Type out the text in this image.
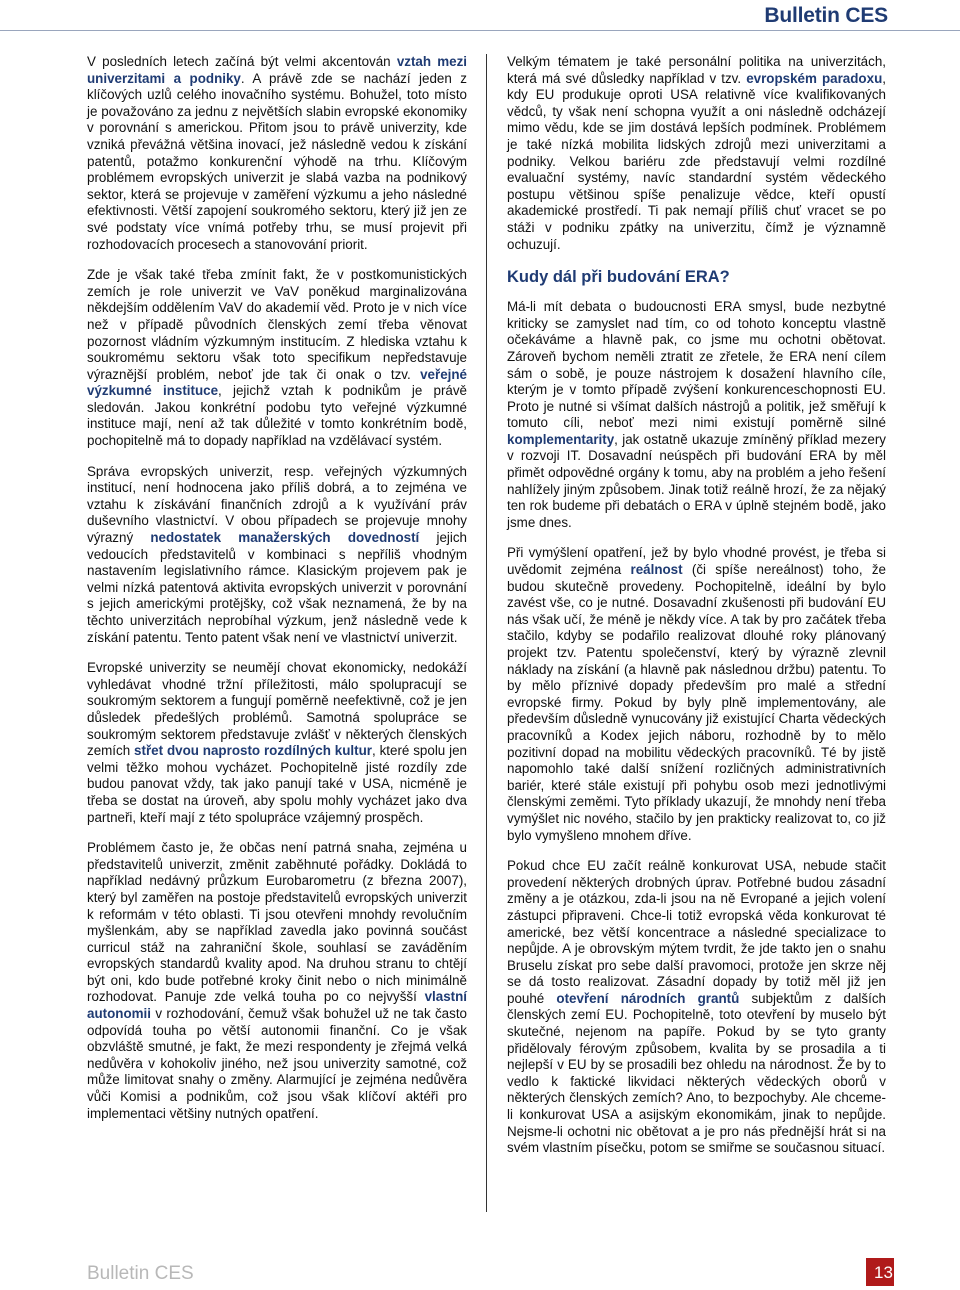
Bulletin CES

V posledních letech začíná být velmi akcentován vztah mezi univerzitami a podniky. A právě zde se nachází jeden z klíčových uzlů celého inovačního systému. Bohužel, toto místo je považováno za jednu z největších slabin evropské ekonomiky v porovnání s americkou. Přitom jsou to právě univerzity, kde vzniká převážná většina inovací, jež následně vedou k získání patentů, potažmo konkurenční výhodě na trhu. Klíčovým problémem evropských univerzit je slabá vazba na podnikový sektor, která se projevuje v zaměření výzkumu a jeho následné efektivnosti. Větší zapojení soukromého sektoru, který již jen ze své podstaty více vnímá potřeby trhu, se musí projevit při rozhodovacích procesech a stanovování priorit.

Zde je však také třeba zmínit fakt, že v postkomunistických zemích je role univerzit ve VaV poněkud marginalizována někdejším oddělením VaV do akademií věd. Proto je v nich více než v případě původních členských zemí třeba věnovat pozornost vládním výzkumným institucím. Z hlediska vztahu k soukromému sektoru však toto specifikum nepředstavuje výraznější problém, neboť jde tak či onak o tzv. veřejné výzkumné instituce, jejichž vztah k podnikům je právě sledován. Jakou konkrétní podobu tyto veřejné výzkumné instituce mají, není až tak důležité v tomto konkrétním bodě, pochopitelně má to dopady například na vzdělávací systém.

Správa evropských univerzit, resp. veřejných výzkumných institucí, není hodnocena jako příliš dobrá, a to zejména ve vztahu k získávání finančních zdrojů a k využívání práv duševního vlastnictví. V obou případech se projevuje mnohy výrazný nedostatek manažerských dovedností jejich vedoucích představitelů v kombinaci s nepříliš vhodným nastavením legislativního rámce. Klasickým projevem pak je velmi nízká patentová aktivita evropských univerzit v porovnání s jejich americkými protějšky, což však neznamená, že by na těchto univerzitách neprobíhal výzkum, jenž následně vede k získání patentu. Tento patent však není ve vlastnictví univerzit.

Evropské univerzity se neumějí chovat ekonomicky, nedokáží vyhledávat vhodné tržní příležitosti, málo spolupracují se soukromým sektorem a fungují poměrně neefektivně, což je jen důsledek předešlých problémů. Samotná spolupráce se soukromým sektorem představuje zvlášť v některých členských zemích střet dvou naprosto rozdílných kultur, které spolu jen velmi těžko mohou vycházet. Pochopitelně jisté rozdíly zde budou panovat vždy, tak jako panují také v USA, nicméně je třeba se dostat na úroveň, aby spolu mohly vycházet jako dva partneři, kteří mají z této spolupráce vzájemný prospěch.

Problémem často je, že občas není patrná snaha, zejména u představitelů univerzit, změnit zaběhnuté pořádky. Dokládá to například nedávný průzkum Eurobarometru (z března 2007), který byl zaměřen na postoje představitelů evropských univerzit k reformám v této oblasti. Ti jsou otevřeni mnohdy revolučním myšlenkám, aby se například zavedla jako povinná součást curricul stáž na zahraniční škole, souhlasí se zaváděním evropských standardů kvality apod. Na druhou stranu to chtějí být oni, kdo bude potřebné kroky činit nebo o nich minimálně rozhodovat. Panuje zde velká touha po co nejvyšší vlastní autonomii v rozhodování, čemuž však bohužel už ne tak často odpovídá touha po větší autonomii finanční. Co je však obzvláště smutné, je fakt, že mezi respondenty je zřejmá velká nedůvěra v kohokoliv jiného, než jsou univerzity samotné, což může limitovat snahy o změny. Alarmující je zejména nedůvěra vůči Komisi a podnikům, což jsou však klíčoví aktéři pro implementaci většiny nutných opatření.

Velkým tématem je také personální politika na univerzitách, která má své důsledky například v tzv. evropském paradoxu, kdy EU produkuje oproti USA relativně více kvalifikovaných vědců, ty však není schopna využít a oni následně odcházejí mimo vědu, kde se jim dostává lepších podmínek. Problémem je také nízká mobilita lidských zdrojů mezi univerzitami a podniky. Velkou bariéru zde představují velmi rozdílné evaluační systémy, navíc standardní systém vědeckého postupu většinou spíše penalizuje vědce, kteří opustí akademické prostředí. Ti pak nemají příliš chuť vracet se po stáži v podniku zpátky na univerzitu, čímž je významně ochuzují.

Kudy dál při budování ERA?

Má-li mít debata o budoucnosti ERA smysl, bude nezbytné kriticky se zamyslet nad tím, co od tohoto konceptu vlastně očekáváme a hlavně pak, co jsme mu ochotni obětovat. Zároveň bychom neměli ztratit ze zřetele, že ERA není cílem sám o sobě, je pouze nástrojem k dosažení hlavního cíle, kterým je v tomto případě zvýšení konkurenceschopnosti EU. Proto je nutné si všímat dalších nástrojů a politik, jež směřují k tomuto cíli, neboť mezi nimi existují poměrně silné komplementarity, jak ostatně ukazuje zmíněný příklad mezery v rozvoji IT. Dosavadní neúspěch při budování ERA by měl přimět odpovědné orgány k tomu, aby na problém a jeho řešení nahlížely jiným způsobem. Jinak totiž reálně hrozí, že za nějaký ten rok budeme při debatách o ERA v úplně stejném bodě, jako jsme dnes.

Při vymýšlení opatření, jež by bylo vhodné provést, je třeba si uvědomit zejména reálnost (či spíše nereálnost) toho, že budou skutečně provedeny. Pochopitelně, ideální by bylo zavést vše, co je nutné. Dosavadní zkušenosti při budování EU nás však učí, že méně je někdy více. A tak by pro začátek třeba stačilo, kdyby se podařilo realizovat dlouhé roky plánovaný projekt tzv. Patentu společenství, který by výrazně zlevnil náklady na získání (a hlavně pak následnou držbu) patentu. To by mělo příznivé dopady především pro malé a střední evropské firmy. Pokud by byly plně implementovány, ale především důsledně vynucovány již existující Charta vědeckých pracovníků a Kodex jejich náboru, rozhodně by to mělo pozitivní dopad na mobilitu vědeckých pracovníků. Té by jistě napomohlo také další snížení rozličných administrativních bariér, které stále existují při pohybu osob mezi jednotlivými členskými zeměmi. Tyto příklady ukazují, že mnohdy není třeba vymýšlet nic nového, stačilo by jen prakticky realizovat to, co již bylo vymyšleno mnohem dříve.

Pokud chce EU začít reálně konkurovat USA, nebude stačit provedení některých drobných úprav. Potřebné budou zásadní změny a je otázkou, zda-li jsou na ně Evropané a jejich volení zástupci připraveni. Chce-li totiž evropská věda konkurovat té americké, bez větší koncentrace a následné specializace to nepůjde. A je obrovským mýtem tvrdit, že jde takto jen o snahu Bruselu získat pro sebe další pravomoci, protože jen skrze něj se dá tosto realizovat. Zásadní dopady by totiž měl již jen pouhé otevření národních grantů subjektům z dalších členských zemí EU. Pochopitelně, toto otevření by muselo být skutečné, nejenom na papíře. Pokud by se tyto granty přidělovaly férovým způsobem, kvalita by se prosadila a ti nejlepší v EU by se prosadili bez ohledu na národnost. Že by to vedlo k faktické likvidaci některých vědeckých oborů v některých členských zemích? Ano, to bezpochyby. Ale chceme-li konkurovat USA a asijským ekonomikám, jinak to nepůjde. Nejsme-li ochotni nic obětovat a je pro nás přednější hrát si na svém vlastním písečku, potom se smiřme se současnou situací.

Bulletin CES	13
